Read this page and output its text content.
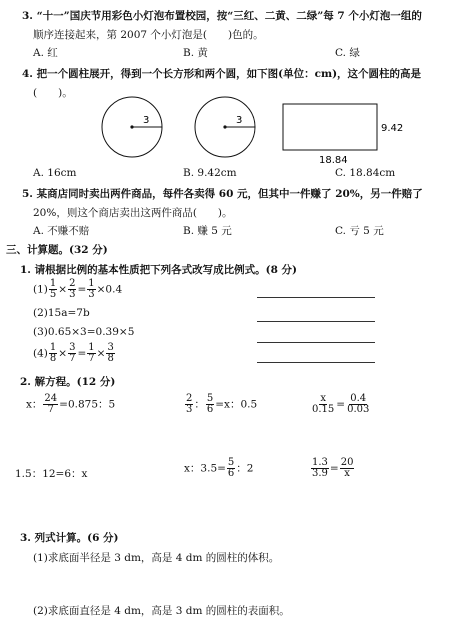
3. “十一”国庆节用彩色小灯泡布置校园，按“三红、二黄、二绿”每 7 个小灯泡一组的
顺序连接起来，第 2007 个小灯泡是(　　)色的。
A. 红	B. 黄	C. 绿
4. 把一个圆柱展开，得到一个长方形和两个圆，如下图(单位：cm)，这个圆柱的高是
(　　)。
3	3
9.42
18.84
A. 16cm	B. 9.42cm	C. 18.84cm
5. 某商店同时卖出两件商品，每件各卖得 60 元，但其中一件赚了 20%，另一件赔了
20%，则这个商店卖出这两件商品(　　)。
A. 不赚不赔	B. 赚 5 元	C. 亏 5 元
三、计算题。(32 分)
1. 请根据比例的基本性质把下列各式改写成比例式。(8 分)
$(1) \frac{1}{5} \times \frac{2}{3} = \frac{1}{3} \times 0.4$
(2)15a=7b
(3)0.65×3=0.39×5
$(4) \frac{1}{8} \times \frac{3}{7} = \frac{1}{7} \times \frac{3}{8}$
2. 解方程。(12 分)
x： $\frac{24}{7} =0.875$：5	$\frac{2}{3}$ ： $\frac{5}{6} =x$：0.5	$\frac{x}{0.15} = \frac{0.4}{0.03}$
1.5：12=6：x	x：$3.5= \frac{5}{6}$ ：2	$\frac{1.3}{3.9} = \frac{20}{x}$
3. 列式计算。(6 分)
(1)求底面半径是 3 dm，高是 4 dm 的圆柱的体积。
(2)求底面直径是 4 dm，高是 3 dm 的圆柱的表面积。
